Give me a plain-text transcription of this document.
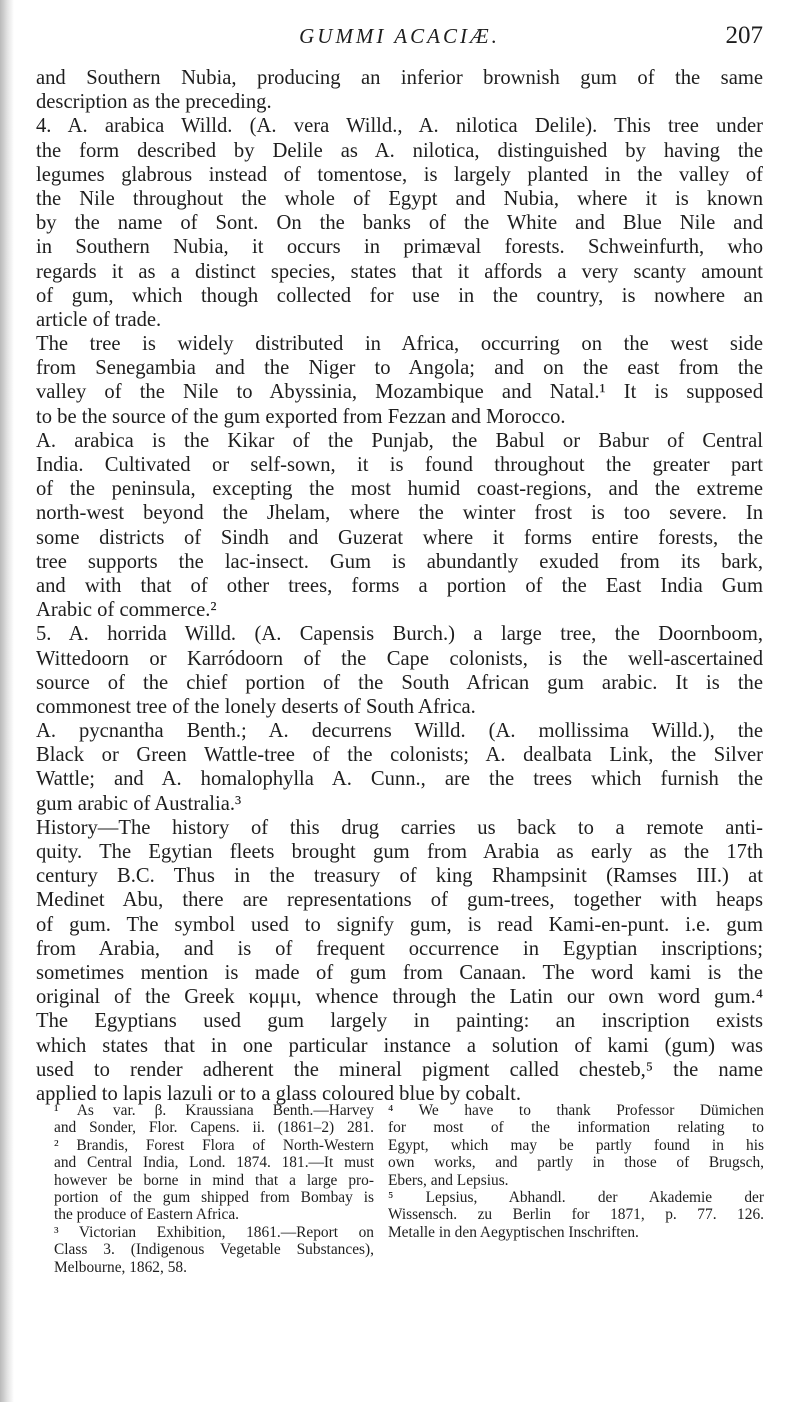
GUMMI ACACIÆ.	207
and Southern Nubia, producing an inferior brownish gum of the same
description as the preceding.
4. A. arabica Willd. (A. vera Willd., A. nilotica Delile). This tree under
the form described by Delile as A. nilotica, distinguished by having the
legumes glabrous instead of tomentose, is largely planted in the valley of
the Nile throughout the whole of Egypt and Nubia, where it is known
by the name of Sont. On the banks of the White and Blue Nile and
in Southern Nubia, it occurs in primæval forests. Schweinfurth, who
regards it as a distinct species, states that it affords a very scanty amount
of gum, which though collected for use in the country, is nowhere an
article of trade.
The tree is widely distributed in Africa, occurring on the west side
from Senegambia and the Niger to Angola; and on the east from the
valley of the Nile to Abyssinia, Mozambique and Natal.¹ It is supposed
to be the source of the gum exported from Fezzan and Morocco.
A. arabica is the Kikar of the Punjab, the Babul or Babur of Central
India. Cultivated or self-sown, it is found throughout the greater part
of the peninsula, excepting the most humid coast-regions, and the extreme
north-west beyond the Jhelam, where the winter frost is too severe. In
some districts of Sindh and Guzerat where it forms entire forests, the
tree supports the lac-insect. Gum is abundantly exuded from its bark,
and with that of other trees, forms a portion of the East India Gum
Arabic of commerce.²
5. A. horrida Willd. (A. Capensis Burch.) a large tree, the Doornboom,
Wittedoorn or Karródoorn of the Cape colonists, is the well-ascertained
source of the chief portion of the South African gum arabic. It is the
commonest tree of the lonely deserts of South Africa.
A. pycnantha Benth.; A. decurrens Willd. (A. mollissima Willd.), the
Black or Green Wattle-tree of the colonists; A. dealbata Link, the Silver
Wattle; and A. homalophylla A. Cunn., are the trees which furnish the
gum arabic of Australia.³
History—The history of this drug carries us back to a remote anti-
quity. The Egytian fleets brought gum from Arabia as early as the 17th
century B.C. Thus in the treasury of king Rhampsinit (Ramses III.) at
Medinet Abu, there are representations of gum-trees, together with heaps
of gum. The symbol used to signify gum, is read Kami-en-punt. i.e. gum
from Arabia, and is of frequent occurrence in Egyptian inscriptions;
sometimes mention is made of gum from Canaan. The word kami is the
original of the Greek κομμι, whence through the Latin our own word gum.⁴
The Egyptians used gum largely in painting: an inscription exists
which states that in one particular instance a solution of kami (gum) was
used to render adherent the mineral pigment called chesteb,⁵ the name
applied to lapis lazuli or to a glass coloured blue by cobalt.
¹ As var. β. Kraussiana Benth.—Harvey
and Sonder, Flor. Capens. ii. (1861–2) 281.
² Brandis, Forest Flora of North-Western
and Central India, Lond. 1874. 181.—It must
however be borne in mind that a large pro-
portion of the gum shipped from Bombay is
the produce of Eastern Africa.
³ Victorian Exhibition, 1861.—Report on
Class 3. (Indigenous Vegetable Substances),
Melbourne, 1862, 58.
⁴ We have to thank Professor Dümichen
for most of the information relating to
Egypt, which may be partly found in his
own works, and partly in those of Brugsch,
Ebers, and Lepsius.
⁵ Lepsius, Abhandl. der Akademie der
Wissensch. zu Berlin for 1871, p. 77. 126.
Metalle in den Aegyptischen Inschriften.
